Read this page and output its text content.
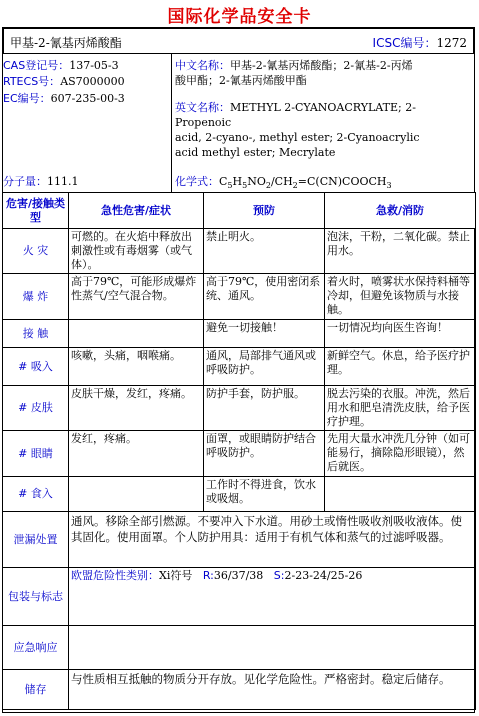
国际化学品安全卡
甲基-2-氰基丙烯酸酯	ICSC编号：1272
CAS登记号：137-05-3
RTECS号：AS7000000
EC编号：607-235-00-3
分子量：111.1
中文名称：甲基-2-氰基丙烯酸酯；2-氰基-2-丙烯
酸甲酯；2-氰基丙烯酸甲酯
英文名称：METHYL 2-CYANOACRYLATE; 2-Propenoic
acid, 2-cyano-, methyl ester; 2-Cyanoacrylic
acid methyl ester; Mecrylate
化学式：$C_5H_5NO_2/CH_2=C(CN)COOCH_3$
危害/接触类型	急性危害/症状	预防	急救/消防
火 灾	可燃的。在火焰中释放出刺激性或有毒烟雾（或气体）。	禁止明火。	泡沫，干粉，二氧化碳。禁止用水。
爆 炸	高于79℃，可能形成爆炸性蒸气/空气混合物。	高于79℃，使用密闭系统、通风。	着火时，喷雾状水保持料桶等冷却，但避免该物质与水接触。
接 触		避免一切接触！	一切情况均向医生咨询！
# 吸入	咳嗽，头痛，咽喉痛。	通风，局部排气通风或呼吸防护。	新鲜空气。休息，给予医疗护理。
# 皮肤	皮肤干燥，发红，疼痛。	防护手套，防护服。	脱去污染的衣服。冲洗，然后用水和肥皂清洗皮肤，给予医疗护理。
# 眼睛	发红，疼痛。	面罩，或眼睛防护结合呼吸防护。	先用大量水冲洗几分钟（如可能易行，摘除隐形眼镜），然后就医。
# 食入		工作时不得进食，饮水或吸烟。	
泄漏处置	通风。移除全部引燃源。不要冲入下水道。用砂土或惰性吸收剂吸收液体。使其固化。使用面罩。个人防护用具：适用于有机气体和蒸气的过滤呼吸器。		
包装与标志	欧盟危险性类别：Xi符号 R:36/37/38 S:2-23-24/25-26		
应急响应			
储存	与性质相互抵触的物质分开存放。见化学危险性。严格密封。稳定后储存。		
